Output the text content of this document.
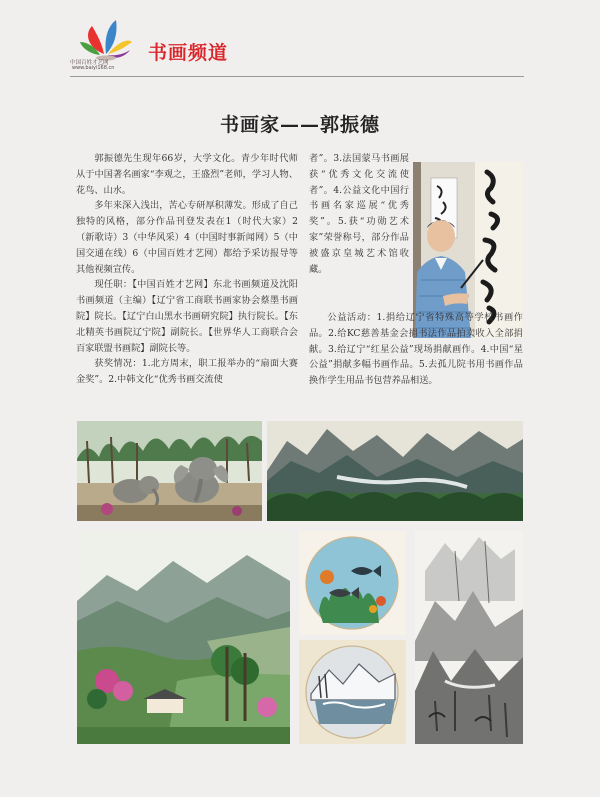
中国百姓才艺网
www.baiyi168.cn
书画频道
书画家——郭振德

郭振德先生现年66岁，大学文化。青少年时代师从于中国著名画家“李观之，王盛烈”老师，学习人物、花鸟、山水。

多年来深入浅出，苦心专研厚积薄发。形成了自己独特的风格，部分作品刊登发表在1（时代大家）2（新歌诗）3（中华风采）4（中国时事新闻网）5（中国交通在线）6（中国百姓才艺网）都给予采访报导等其他视频宣传。

现任职：【中国百姓才艺网】东北书画频道及沈阳书画频道（主编）【辽宁省工商联书画家协会蔡墨书画院】院长。【辽宁白山黑水书画研究院】执行院长。【东北精英书画院辽宁院】副院长。【世界华人工商联合会百家联盟书画院】副院长等。

获奖情况：1.北方周末，职工报举办的“扇面大赛金奖”。2.中韩文化“优秀书画交流使

者”。3.法国蒙马书画展获“优秀文化交流使者”。4.公益文化中国行书画名家巡展“优秀奖”。5.获“功勋艺术家”荣誉称号，部分作品被盛京皇城艺术馆收藏。

公益活动：1.捐给辽宁省特殊高等学校书画作品。2.给KC慈善基金会捐书法作品拍卖收入全部捐献。3.给辽宁“红星公益”现场捐献画作。4.中国“星公益”捐献多幅书画作品。5.去孤儿院书用书画作品换作学生用品书包营养品相送。
